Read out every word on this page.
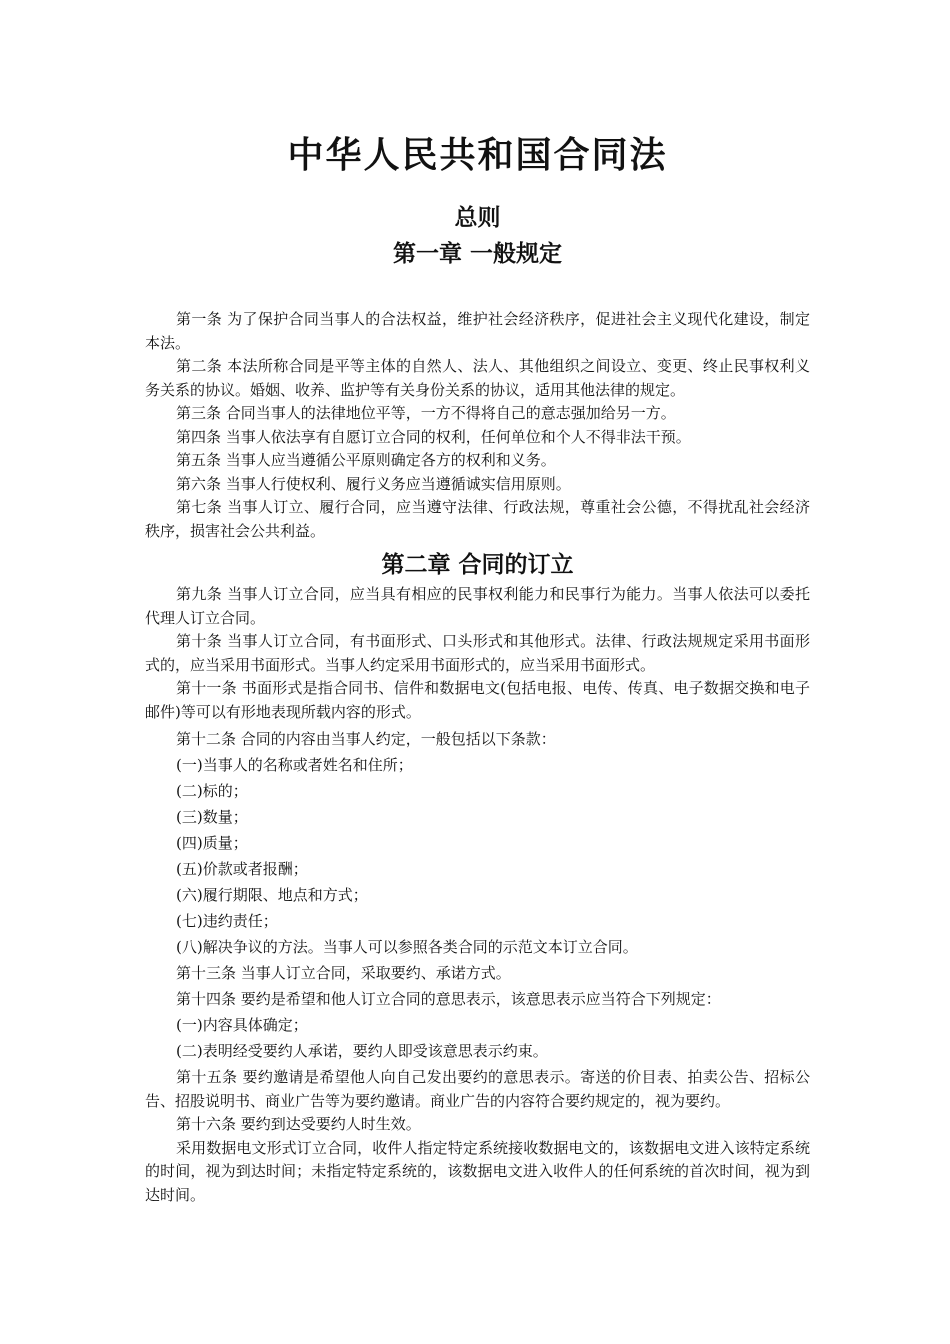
中华人民共和国合同法
总则
第一章 一般规定

第一条 为了保护合同当事人的合法权益，维护社会经济秩序，促进社会主义现代化建设，制定本法。

第二条 本法所称合同是平等主体的自然人、法人、其他组织之间设立、变更、终止民事权利义务关系的协议。婚姻、收养、监护等有关身份关系的协议，适用其他法律的规定。

第三条 合同当事人的法律地位平等，一方不得将自己的意志强加给另一方。

第四条 当事人依法享有自愿订立合同的权利，任何单位和个人不得非法干预。

第五条 当事人应当遵循公平原则确定各方的权利和义务。

第六条 当事人行使权利、履行义务应当遵循诚实信用原则。

第七条 当事人订立、履行合同，应当遵守法律、行政法规，尊重社会公德，不得扰乱社会经济秩序，损害社会公共利益。

第二章 合同的订立

第九条 当事人订立合同，应当具有相应的民事权利能力和民事行为能力。当事人依法可以委托代理人订立合同。

第十条 当事人订立合同，有书面形式、口头形式和其他形式。法律、行政法规规定采用书面形式的，应当采用书面形式。当事人约定采用书面形式的，应当采用书面形式。

第十一条 书面形式是指合同书、信件和数据电文(包括电报、电传、传真、电子数据交换和电子邮件)等可以有形地表现所载内容的形式。

第十二条 合同的内容由当事人约定，一般包括以下条款：

(一)当事人的名称或者姓名和住所；

(二)标的；

(三)数量；

(四)质量；

(五)价款或者报酬；

(六)履行期限、地点和方式；

(七)违约责任；

(八)解决争议的方法。当事人可以参照各类合同的示范文本订立合同。

第十三条 当事人订立合同，采取要约、承诺方式。

第十四条 要约是希望和他人订立合同的意思表示，该意思表示应当符合下列规定：

(一)内容具体确定；

(二)表明经受要约人承诺，要约人即受该意思表示约束。

第十五条 要约邀请是希望他人向自己发出要约的意思表示。寄送的价目表、拍卖公告、招标公告、招股说明书、商业广告等为要约邀请。商业广告的内容符合要约规定的，视为要约。

第十六条 要约到达受要约人时生效。

采用数据电文形式订立合同，收件人指定特定系统接收数据电文的，该数据电文进入该特定系统的时间，视为到达时间；未指定特定系统的，该数据电文进入收件人的任何系统的首次时间，视为到达时间。
